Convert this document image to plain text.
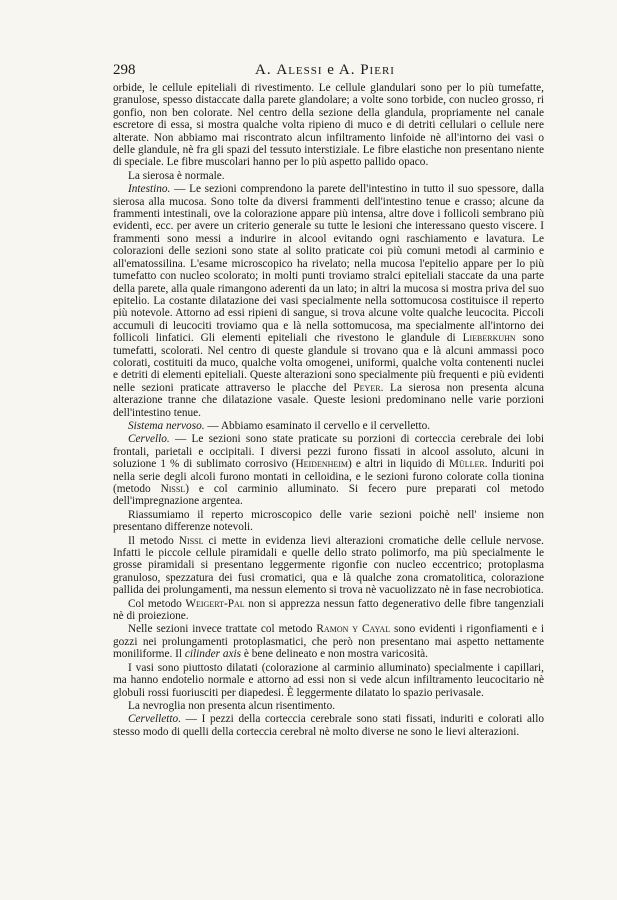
298	A. Alessi e A. Pieri

orbide, le cellule epiteliali di rivestimento. Le cellule glandulari sono per lo più tumefatte, granulose, spesso distaccate dalla parete glandolare; a volte sono torbide, con nucleo grosso, ri gonfio, non ben colorate. Nel centro della sezione della glandula, propriamente nel canale escretore di essa, si mostra qualche volta ripieno di muco e di detriti cellulari o cellule nere alterate. Non abbiamo mai riscontrato alcun infiltramento linfoide nè all'intorno dei vasi o delle glandule, nè fra gli spazi del tessuto interstiziale. Le fibre elastiche non presentano niente di speciale. Le fibre muscolari hanno per lo più aspetto pallido opaco.

La sierosa è normale.

Intestino. — Le sezioni comprendono la parete dell'intestino in tutto il suo spessore, dalla sierosa alla mucosa. Sono tolte da diversi frammenti dell'intestino tenue e crasso; alcune da frammenti intestinali, ove la colorazione appare più intensa, altre dove i follicoli sembrano più evidenti, ecc. per avere un criterio generale su tutte le lesioni che interessano questo viscere. I frammenti sono messi a indurire in alcool evitando ogni raschiamento e lavatura. Le colorazioni delle sezioni sono state al solito praticate coi più comuni metodi al carminio e all'ematossilina. L'esame microscopico ha rivelato; nella mucosa l'epitelio appare per lo più tumefatto con nucleo scolorato; in molti punti troviamo stralci epiteliali staccate da una parte della parete, alla quale rimangono aderenti da un lato; in altri la mucosa si mostra priva del suo epitelio. La costante dilatazione dei vasi specialmente nella sottomucosa costituisce il reperto più notevole. Attorno ad essi ripieni di sangue, si trova alcune volte qualche leucocita. Piccoli accumuli di leucociti troviamo qua e là nella sottomucosa, ma specialmente all'intorno dei follicoli linfatici. Gli elementi epiteliali che rivestono le glandule di Lieberkuhn sono tumefatti, scolorati. Nel centro di queste glandule si trovano qua e là alcuni ammassi poco colorati, costituiti da muco, qualche volta omogenei, uniformi, qualche volta contenenti nuclei e detriti di elementi epiteliali. Queste alterazioni sono specialmente più frequenti e più evidenti nelle sezioni praticate attraverso le placche del Peyer. La sierosa non presenta alcuna alterazione tranne che dilatazione vasale. Queste lesioni predominano nelle varie porzioni dell'intestino tenue.

Sistema nervoso. — Abbiamo esaminato il cervello e il cervelletto.

Cervello. — Le sezioni sono state praticate su porzioni di corteccia cerebrale dei lobi frontali, parietali e occipitali. I diversi pezzi furono fissati in alcool assoluto, alcuni in soluzione 1 % di sublimato corrosivo (Heidenheim) e altri in liquido di Müller. Induriti poi nella serie degli alcoli furono montati in celloidina, e le sezioni furono colorate colla tionina (metodo Nissl) e col carminio alluminato. Si fecero pure preparati col metodo dell'impregnazione argentea.

Riassumiamo il reperto microscopico delle varie sezioni poichè nell' insieme non presentano differenze notevoli.

Il metodo Nissl ci mette in evidenza lievi alterazioni cromatiche delle cellule nervose. Infatti le piccole cellule piramidali e quelle dello strato polimorfo, ma più specialmente le grosse piramidali si presentano leggermente rigonfie con nucleo eccentrico; protoplasma granuloso, spezzatura dei fusi cromatici, qua e là qualche zona cromatolitica, colorazione pallida dei prolungamenti, ma nessun elemento si trova nè vacuolizzato nè in fase necrobiotica.

Col metodo Weigert-Pal non si apprezza nessun fatto degenerativo delle fibre tangenziali nè di proiezione.

Nelle sezioni invece trattate col metodo Ramon y Cayal sono evidenti i rigonfiamenti e i gozzi nei prolungamenti protoplasmatici, che però non presentano mai aspetto nettamente moniliforme. Il cilinder axis è bene delineato e non mostra varicosità.

I vasi sono piuttosto dilatati (colorazione al carminio alluminato) specialmente i capillari, ma hanno endotelio normale e attorno ad essi non si vede alcun infiltramento leucocitario nè globuli rossi fuoriusciti per diapedesi. È leggermente dilatato lo spazio perivasale.

La nevroglia non presenta alcun risentimento.

Cervelletto. — I pezzi della corteccia cerebrale sono stati fissati, induriti e colorati allo stesso modo di quelli della corteccia cerebral nè molto diverse ne sono le lievi alterazioni.
